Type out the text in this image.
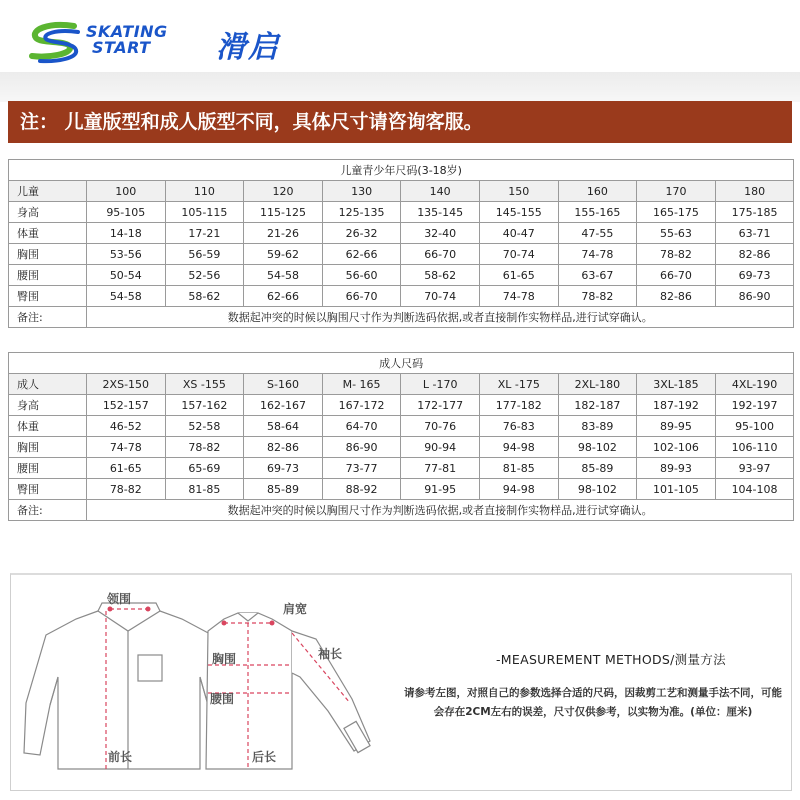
SKATING
START	滑启
注： 儿童版型和成人版型不同，具体尺寸请咨询客服。
儿童青少年尺码(3-18岁)									
儿童	100	110	120	130	140	150	160	170	180
身高	95-105	105-115	115-125	125-135	135-145	145-155	155-165	165-175	175-185
体重	14-18	17-21	21-26	26-32	32-40	40-47	47-55	55-63	63-71
胸围	53-56	56-59	59-62	62-66	66-70	70-74	74-78	78-82	82-86
腰围	50-54	52-56	54-58	56-60	58-62	61-65	63-67	66-70	69-73
臀围	54-58	58-62	62-66	66-70	70-74	74-78	78-82	82-86	86-90
备注:	数据起冲突的时候以胸围尺寸作为判断选码依据,或者直接制作实物样品,进行试穿确认。								
成人尺码									
成人	2XS-150	XS -155	S-160	M- 165	L -170	XL -175	2XL-180	3XL-185	4XL-190
身高	152-157	157-162	162-167	167-172	172-177	177-182	182-187	187-192	192-197
体重	46-52	52-58	58-64	64-70	70-76	76-83	83-89	89-95	95-100
胸围	74-78	78-82	82-86	86-90	90-94	94-98	98-102	102-106	106-110
腰围	61-65	65-69	69-73	73-77	77-81	81-85	85-89	89-93	93-97
臀围	78-82	81-85	85-89	88-92	91-95	94-98	98-102	101-105	104-108
备注:	数据起冲突的时候以胸围尺寸作为判断选码依据,或者直接制作实物样品,进行试穿确认。								
领围
肩宽
袖长
胸围
腰围
前长	后长
-MEASUREMENT METHODS/测量方法
请参考左图，对照自己的参数选择合适的尺码，因裁剪工艺和测量手法不同，可能会存在2CM左右的误差，尺寸仅供参考，以实物为准。(单位：厘米)
